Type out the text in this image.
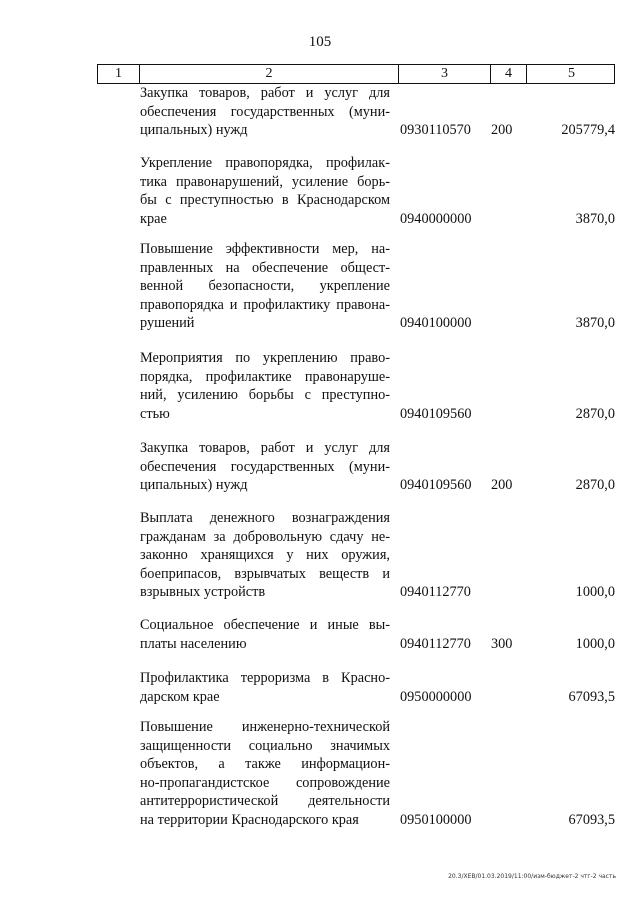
105
1	2	3	4	5
Закупка товаров, работ и услуг для
обеспечения государственных (муни-
ципальных) нужд	0930110570 200	205779,4
Укрепление правопорядка, профилак-
тика правонарушений, усиление борь-
бы с преступностью в Краснодарском
крае	0940000000	3870,0
Повышение эффективности мер, на-
правленных на обеспечение общест-
венной безопасности, укрепление
правопорядка и профилактику правона-
рушений	0940100000	3870,0
Мероприятия по укреплению право-
порядка, профилактике правонаруше-
ний, усилению борьбы с преступно-
стью	0940109560	2870,0
Закупка товаров, работ и услуг для
обеспечения государственных (муни-
ципальных) нужд	0940109560 200	2870,0
Выплата денежного вознаграждения
гражданам за добровольную сдачу не-
законно хранящихся у них оружия,
боеприпасов, взрывчатых веществ и
взрывных устройств	0940112770	1000,0
Социальное обеспечение и иные вы-
платы населению	0940112770 300	1000,0
Профилактика терроризма в Красно-
дарском крае	0950000000	67093,5
Повышение инженерно-технической
защищенности социально значимых
объектов, а также информацион-
но-пропагандистское сопровождение
антитеррористической деятельности
на территории Краснодарского края	0950100000	67093,5
20.3/ХЕВ/01.03.2019/11:00/изм-бюджет-2 чтг-2 часть
